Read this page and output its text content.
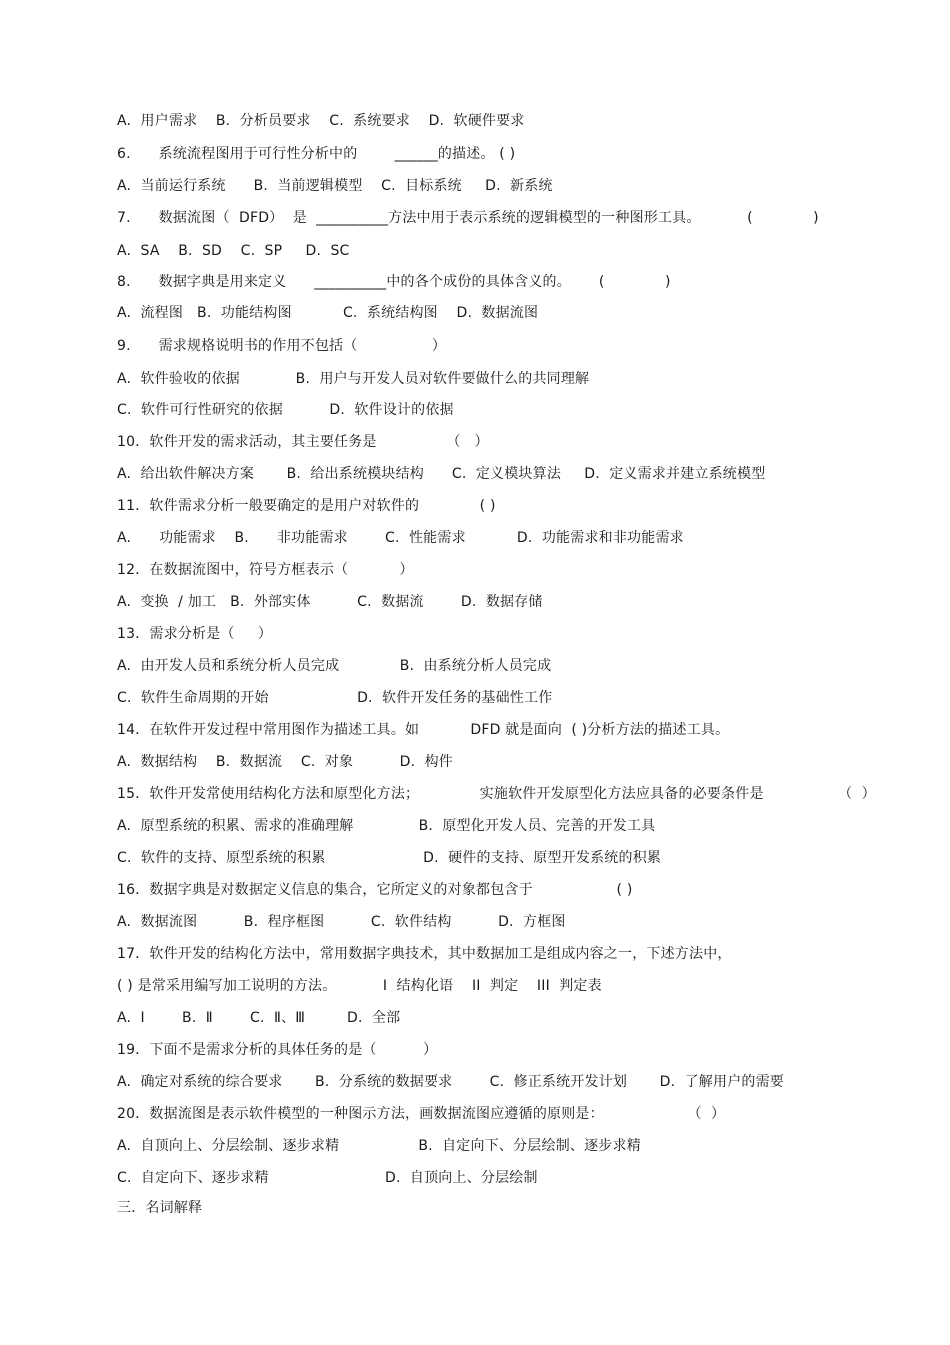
A.  用户需求    B.  分析员要求    C.  系统要求    D.  软硬件要求
6.      系统流程图用于可行性分析中的        ______的描述。 ( )
A.  当前运行系统      B.  当前逻辑模型    C.  目标系统     D.  新系统
7.      数据流图（  DFD）  是  __________方法中用于表示系统的逻辑模型的一种图形工具。          (             )
A.  SA    B.  SD    C.  SP     D.  SC
8.      数据字典是用来定义      __________中的各个成份的具体含义的。      (             )
A.  流程图   B.  功能结构图           C.  系统结构图    D.  数据流图
9.      需求规格说明书的作用不包括（                ）
A.  软件验收的依据            B.  用户与开发人员对软件要做什么的共同理解
C.  软件可行性研究的依据          D.  软件设计的依据
10．软件开发的需求活动，其主要任务是               （   ）
A.  给出软件解决方案       B.  给出系统模块结构      C.  定义模块算法     D.  定义需求并建立系统模型
11．软件需求分析一般要确定的是用户对软件的             ( )
A.      功能需求    B.      非功能需求        C.  性能需求           D.  功能需求和非功能需求
12．在数据流图中，符号方框表示（           ）
A.  变换  / 加工   B.  外部实体          C.  数据流        D.  数据存储
13．需求分析是（     ）
A.  由开发人员和系统分析人员完成             B.  由系统分析人员完成
C.  软件生命周期的开始                   D.  软件开发任务的基础性工作
14．在软件开发过程中常用图作为描述工具。如           DFD 就是面向  ( )分析方法的描述工具。
A.  数据结构    B.  数据流    C.  对象          D.  构件
15．软件开发常使用结构化方法和原型化方法；             实施软件开发原型化方法应具备的必要条件是                （  ）
A.  原型系统的积累、需求的准确理解              B.  原型化开发人员、完善的开发工具
C.  软件的支持、原型系统的积累                     D.  硬件的支持、原型开发系统的积累
16．数据字典是对数据定义信息的集合，它所定义的对象都包含于                  ( )
A.  数据流图          B.  程序框图          C.  软件结构          D.  方框图
17．软件开发的结构化方法中，常用数据字典技术，其中数据加工是组成内容之一，下述方法中，
( ) 是常采用编写加工说明的方法。          I  结构化语    II  判定    III  判定表
A.  Ⅰ        B.  Ⅱ        C.  Ⅱ、Ⅲ         D.  全部
19．下面不是需求分析的具体任务的是（          ）
A.  确定对系统的综合要求       B.  分系统的数据要求        C.  修正系统开发计划       D.  了解用户的需要
20．数据流图是表示软件模型的一种图示方法，画数据流图应遵循的原则是：                  （  ）
A.  自顶向上、分层绘制、逐步求精                 B.  自定向下、分层绘制、逐步求精
C.  自定向下、逐步求精                         D.  自顶向上、分层绘制
三．名词解释
